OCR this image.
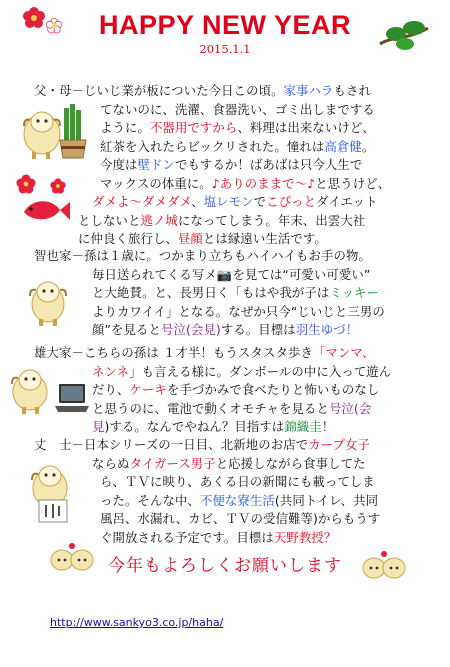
HAPPY NEW YEAR
2015.1.1
父・母－じいじ業が板についた今日この頃。家事ハラもされ
てないのに、洗濯、食器洗い、ゴミ出しまでする
ように。不器用ですから、料理は出来ないけど、
紅茶を入れたらビックリされた。憧れは高倉健。
今度は壁ドンでもするか！ばあばは只今人生で
マックスの体重に。♪ありのままで～♪と思うけど、
ダメよ～ダメダメ、塩レモンでこぴっとダイエット
としないと逃ノ城になってしまう。年末、出雲大社
に仲良く旅行し、昼顔とは縁遠い生活です。
智也家－孫は１歳に。つかまり立ちもハイハイもお手の物。
毎日送られてくる写メ📷を見ては“可愛い可愛い”
と大絶賛。と、長男日く「もはや我が子はミッキー
よりカワイイ」となる。なぜか只今“じいじと三男の
顔”を見ると号泣(会見)する。目標は羽生ゆづ！
雄大家－こちらの孫は １才半！もうスタスタ歩き「マンマ、
ネンネ」も言える様に。ダンボールの中に入って遊ん
だり、ケーキを手づかみで食べたりと怖いものなし
と思うのに、電池で動くオモチャを見ると号泣(会
見)する。なんでやねん？目指すは錦織圭！
丈　士－日本シリーズの一日目、北新地のお店でカープ女子
ならぬタイガース男子と応援しながら食事してた
ら、ＴＶに映り、あくる日の新聞にも載ってしま
った。そんな中、不便な寮生活(共同トイレ、共同
風呂、水漏れ、カビ、ＴＶの受信難等)からもうす
ぐ開放される予定です。目標は天野教授？
今年もよろしくお願いします
http://www.sankyo3.co.jp/haha/
